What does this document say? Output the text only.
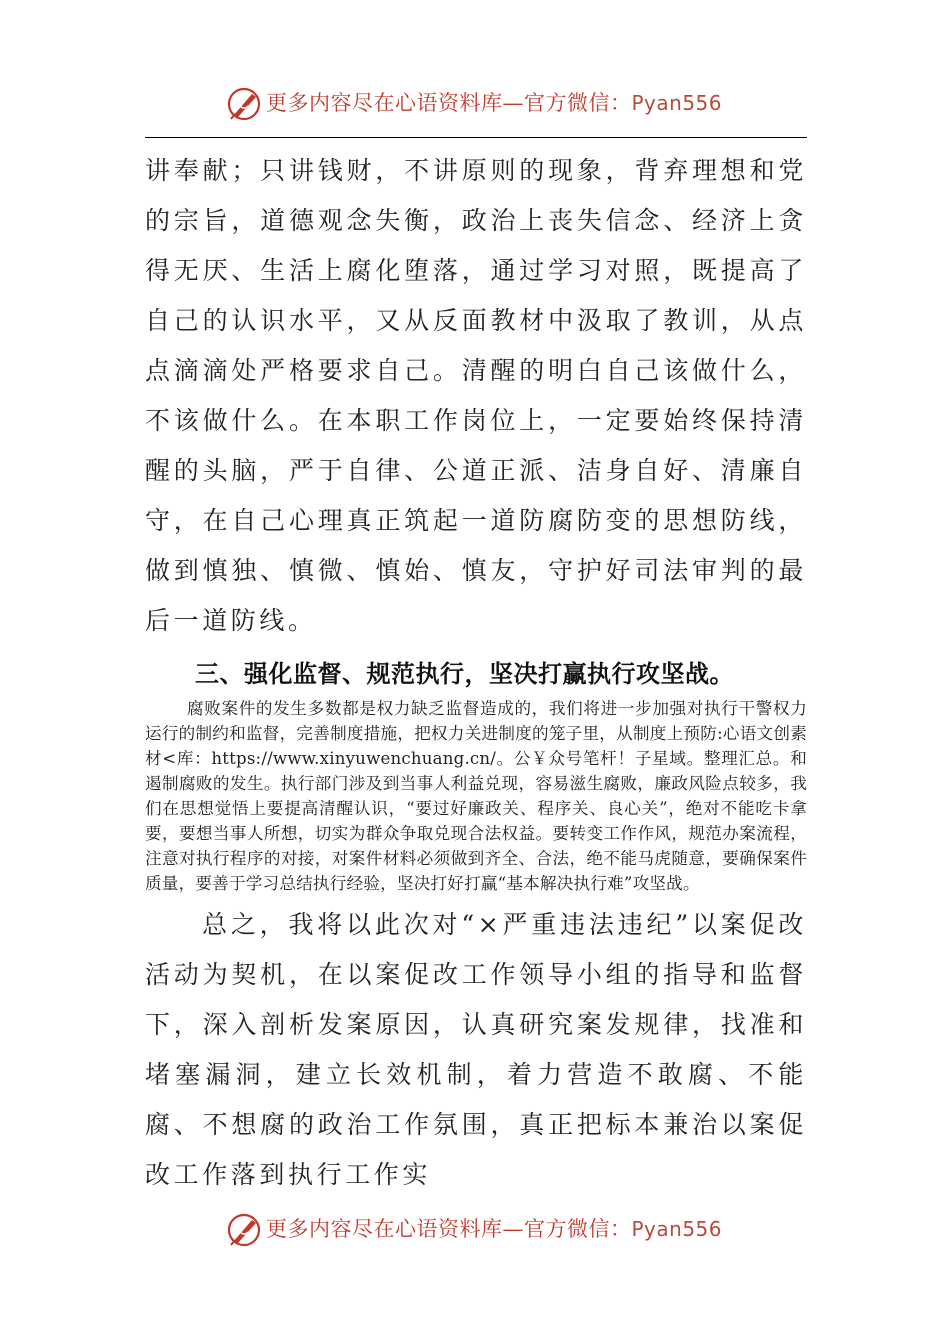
更多内容尽在心语资料库—官方微信：Pyan556

讲奉献；只讲钱财，不讲原则的现象，背弃理想和党的宗旨，道德观念失衡，政治上丧失信念、经济上贪得无厌、生活上腐化堕落，通过学习对照，既提高了自己的认识水平，又从反面教材中汲取了教训，从点点滴滴处严格要求自己。清醒的明白自己该做什么，不该做什么。在本职工作岗位上，一定要始终保持清醒的头脑，严于自律、公道正派、洁身自好、清廉自守，在自己心理真正筑起一道防腐防变的思想防线，做到慎独、慎微、慎始、慎友，守护好司法审判的最后一道防线。

三、强化监督、规范执行，坚决打赢执行攻坚战。

腐败案件的发生多数都是权力缺乏监督造成的，我们将进一步加强对执行干警权力运行的制约和监督，完善制度措施，把权力关进制度的笼子里，从制度上预防:心语文创素材<库：https://www.xinyuwenchuang.cn/。公￥众号笔杆！子星域。整理汇总。和遏制腐败的发生。执行部门涉及到当事人利益兑现，容易滋生腐败，廉政风险点较多，我们在思想觉悟上要提高清醒认识，“要过好廉政关、程序关、良心关”，绝对不能吃卡拿要，要想当事人所想，切实为群众争取兑现合法权益。要转变工作作风，规范办案流程，注意对执行程序的对接，对案件材料必须做到齐全、合法，绝不能马虎随意，要确保案件质量，要善于学习总结执行经验，坚决打好打赢“基本解决执行难”攻坚战。

总之，我将以此次对“×严重违法违纪”以案促改活动为契机，在以案促改工作领导小组的指导和监督下，深入剖析发案原因，认真研究案发规律，找准和堵塞漏洞，建立长效机制，着力营造不敢腐、不能腐、不想腐的政治工作氛围，真正把标本兼治以案促改工作落到执行工作实

更多内容尽在心语资料库—官方微信：Pyan556
